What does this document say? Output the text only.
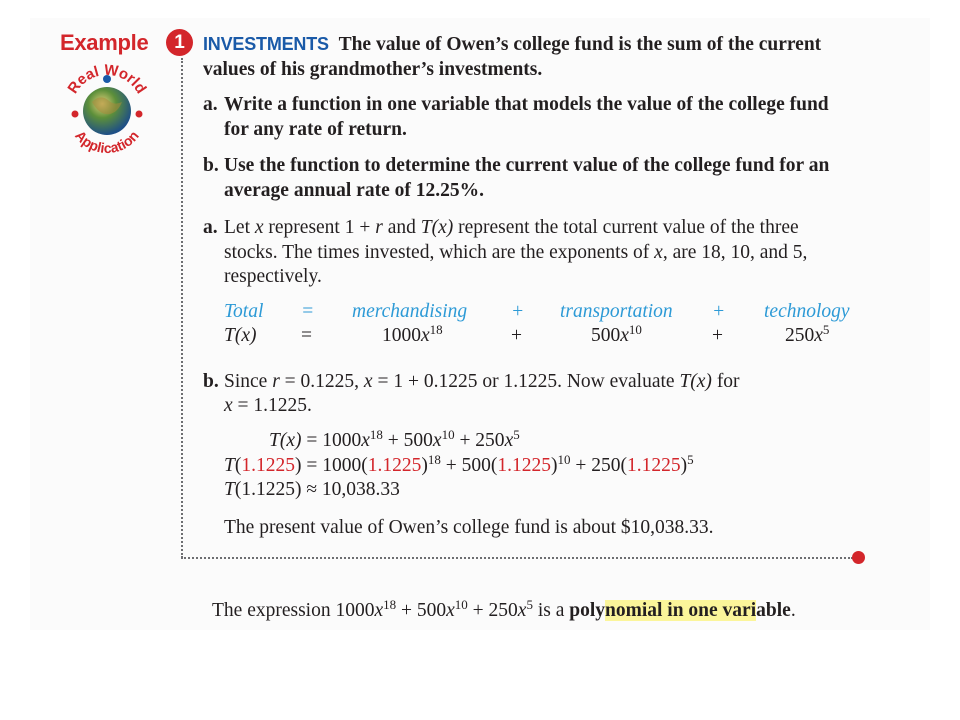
Example	1
Real World
Application
INVESTMENTS The value of Owen’s college fund is the sum of the current
values of his grandmother’s investments.
a. Write a function in one variable that models the value of the college fund
for any rate of return.
b. Use the function to determine the current value of the college fund for an
average annual rate of 12.25%.
a. Let x represent 1 + r and T(x) represent the total current value of the three
stocks. The times invested, which are the exponents of x, are 18, 10, and 5,
respectively.
Total = merchandising + transportation + technology
T(x) =	$1000x^{18}$	+	$500x^{10}$	+	$250x^5$
b. Since r = 0.1225, x = 1 + 0.1225 or 1.1225. Now evaluate T(x) for
x = 1.1225.
$T(x) = 1000x^{18} + 500x^{10} + 250x^5$
$T(1.1225) = 1000(1.1225)^{18} + 500(1.1225)^{10} + 250(1.1225)^5$
T(1.1225) ≈ 10,038.33
The present value of Owen’s college fund is about $10,038.33.
The expression $1000x^{18} + 500x^{10} + 250x^5$ is a polynomial in one variable.
